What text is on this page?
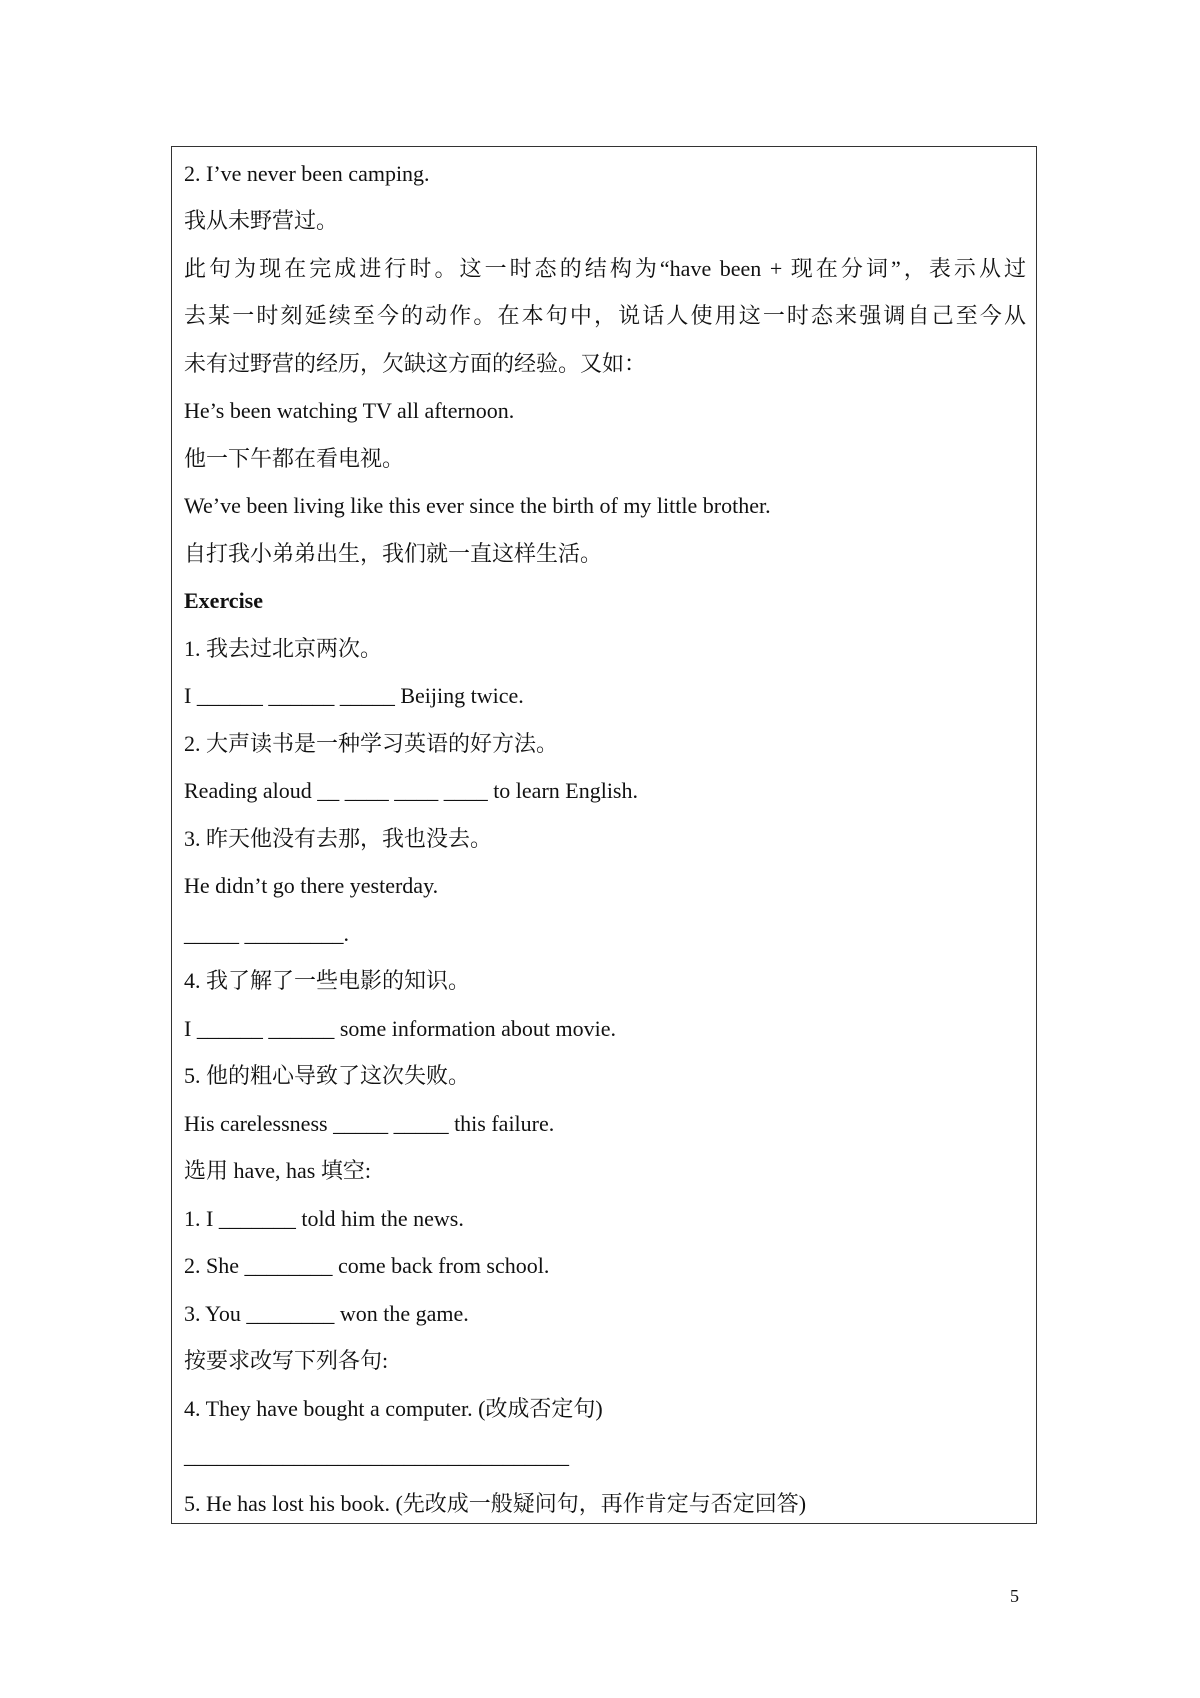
2. I’ve never been camping.

我从未野营过。

此句为现在完成进行时。这一时态的结构为“have been + 现在分词”，表示从过

去某一时刻延续至今的动作。在本句中，说话人使用这一时态来强调自己至今从

未有过野营的经历，欠缺这方面的经验。又如：

He’s been watching TV all afternoon.

他一下午都在看电视。

We’ve been living like this ever since the birth of my little brother.

自打我小弟弟出生，我们就一直这样生活。

Exercise

1. 我去过北京两次。

I ______ ______ _____ Beijing twice.

2. 大声读书是一种学习英语的好方法。

Reading aloud __ ____ ____ ____ to learn English.

3. 昨天他没有去那，我也没去。

He didn’t go there yesterday.

_____ _________.

4. 我了解了一些电影的知识。

I ______ ______ some information about movie.

5. 他的粗心导致了这次失败。

His carelessness _____ _____ this failure.

选用 have, has 填空:

1. I _______ told him the news.

2. She ________ come back from school.

3. You ________ won the game.

按要求改写下列各句:

4. They have bought a computer. (改成否定句)

___________________________________

5. He has lost his book. (先改成一般疑问句，再作肯定与否定回答)

5
